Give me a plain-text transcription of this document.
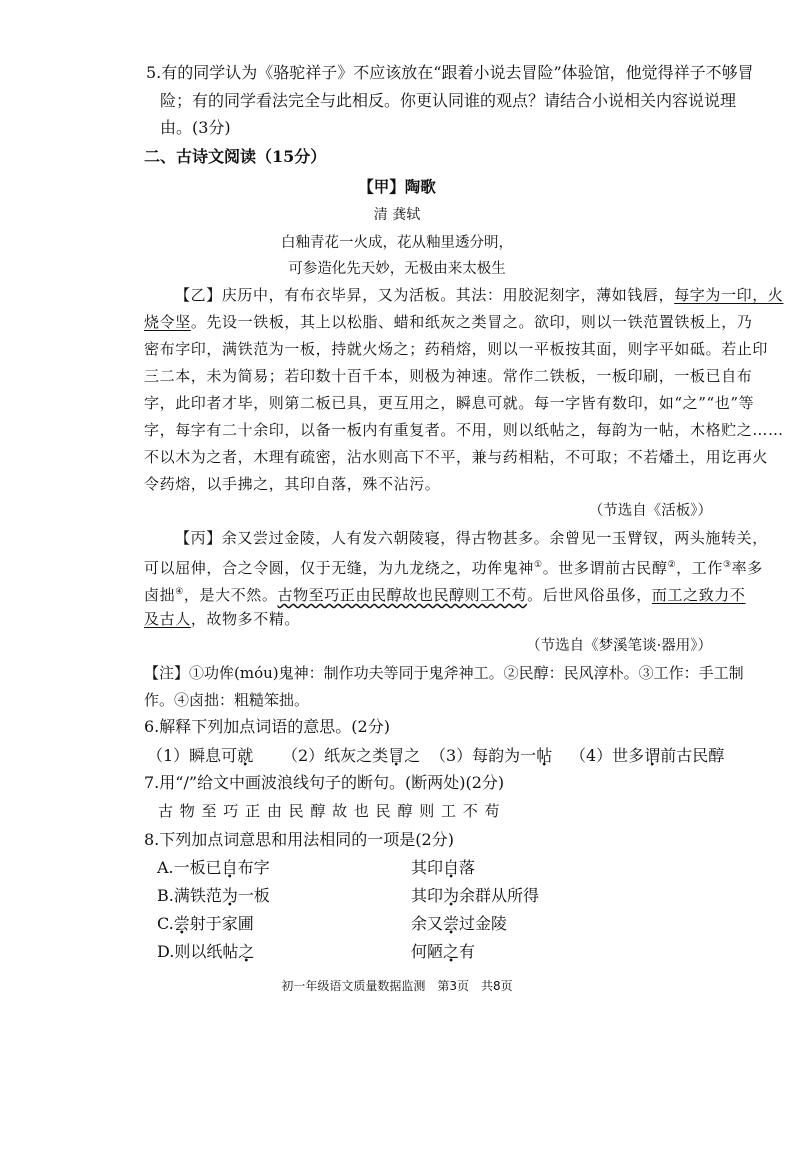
5.有的同学认为《骆驼祥子》不应该放在“跟着小说去冒险”体验馆，他觉得祥子不够冒
险；有的同学看法完全与此相反。你更认同谁的观点？请结合小说相关内容说说理
由。(3分)
二、古诗文阅读（15分）
【甲】陶歌
清 龚轼
白釉青花一火成，花从釉里透分明，
可参造化先天妙，无极由来太极生
【乙】庆历中，有布衣毕昇，又为活板。其法：用胶泥刻字，薄如钱唇，每字为一印，火
烧令坚。先设一铁板，其上以松脂、蜡和纸灰之类冒之。欲印，则以一铁范置铁板上，乃
密布字印，满铁范为一板，持就火炀之；药稍熔，则以一平板按其面，则字平如砥。若止印
三二本，未为简易；若印数十百千本，则极为神速。常作二铁板，一板印刷，一板已自布
字，此印者才毕，则第二板已具，更互用之，瞬息可就。每一字皆有数印，如“之”“也”等
字，每字有二十余印，以备一板内有重复者。不用，则以纸帖之，每韵为一帖，木格贮之……
不以木为之者，木理有疏密，沾水则高下不平，兼与药相粘，不可取；不若燔土，用讫再火
令药熔，以手拂之，其印自落，殊不沾污。
（节选自《活板》）
【丙】余又尝过金陵，人有发六朝陵寝，得古物甚多。余曾见一玉臂钗，两头施转关，
可以屈伸，合之令圆，仅于无缝，为九龙绕之，功侔鬼神①。世多谓前古民醇②，工作③率多
卤拙④，是大不然。古物至巧正由民醇故也民醇则工不苟。后世风俗虽侈，而工之致力不
及古人，故物多不精。
（节选自《梦溪笔谈·器用》）
【注】①功侔(móu)鬼神：制作功夫等同于鬼斧神工。②民醇：民风淳朴。③工作：手工制
作。④卤拙：粗糙笨拙。
6.解释下列加点词语的意思。(2分)
（1）瞬息可就 （2）纸灰之类冒之 （3）每韵为一帖 （4）世多谓前古民醇
7.用“/”给文中画波浪线句子的断句。(断两处)(2分)
古 物 至 巧 正 由 民 醇 故 也 民 醇 则 工 不 苟
8.下列加点词意思和用法相同的一项是(2分)
A.一板已自布字	其印自落
B.满铁范为一板	其印为余群从所得
C.尝射于家圃	余又尝过金陵
D.则以纸帖之	何陋之有
初一年级语文质量数据监测　第3页　共8页
